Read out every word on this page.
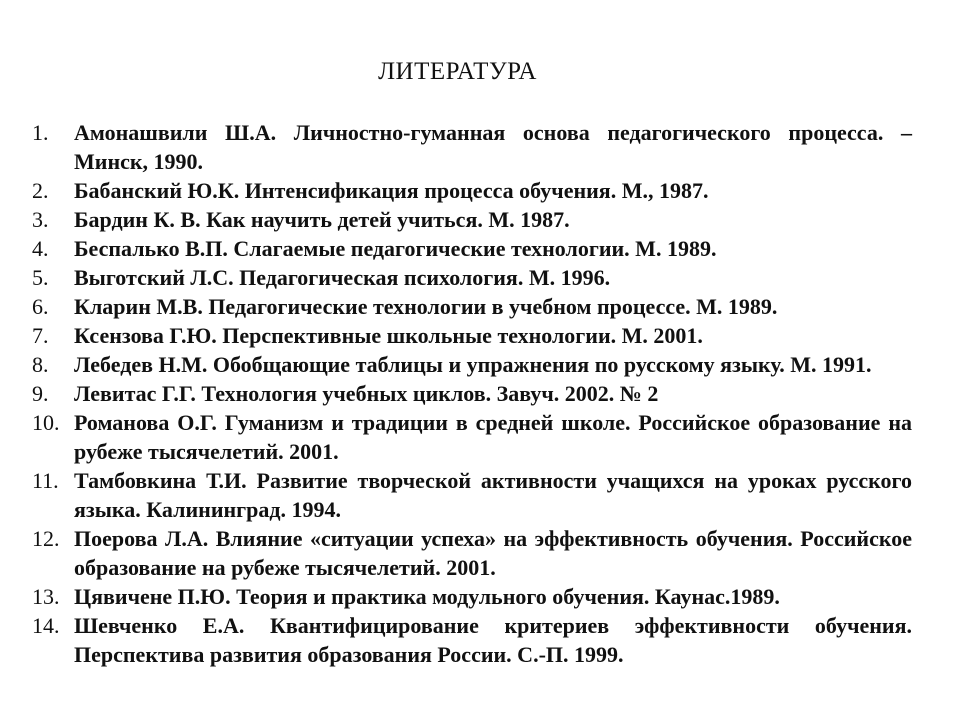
ЛИТЕРАТУРА
1.	Амонашвили Ш.А. Личностно-гуманная основа педагогического процесса. – Минск, 1990.
2.	Бабанский Ю.К. Интенсификация процесса обучения. М., 1987.
3.	Бардин К. В. Как научить детей учиться. М. 1987.
4.	Беспалько В.П. Слагаемые педагогические технологии. М. 1989.
5.	Выготский Л.С. Педагогическая психология. М. 1996.
6.	Кларин М.В. Педагогические технологии в учебном процессе. М. 1989.
7.	Ксензова Г.Ю. Перспективные школьные технологии. М. 2001.
8.	Лебедев Н.М. Обобщающие таблицы и упражнения по русскому языку. М. 1991.
9.	Левитас Г.Г. Технология учебных циклов. Завуч. 2002. № 2
10. Романова О.Г. Гуманизм и традиции в средней школе. Российское образование на рубеже тысячелетий. 2001.
11. Тамбовкина Т.И. Развитие творческой активности учащихся на уроках русского языка. Калининград. 1994.
12. Поерова Л.А. Влияние «ситуации успеха» на эффективность обучения. Российское образование на рубеже тысячелетий. 2001.
13. Цявичене П.Ю. Теория и практика модульного обучения. Каунас.1989.
14. Шевченко Е.А. Квантифицирование критериев эффективности обучения. Перспектива развития образования России. С.-П. 1999.
